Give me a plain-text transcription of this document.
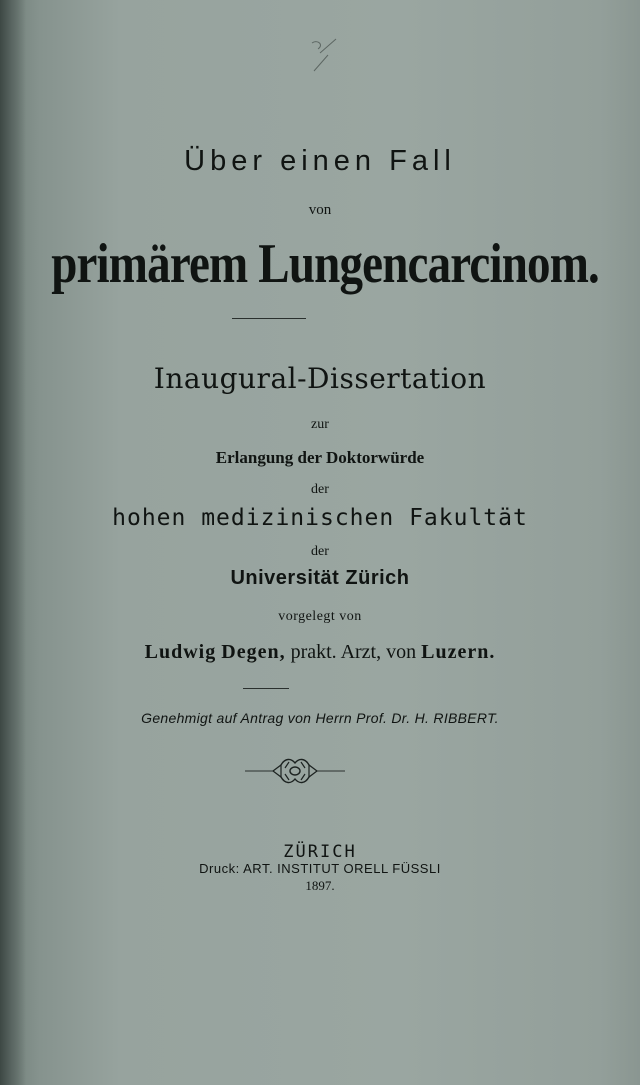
Über einen Fall
von
primärem Lungencarcinom.
Inaugural-Dissertation
zur
Erlangung der Doktorwürde
der
hohen medizinischen Fakultät
der
Universität Zürich
vorgelegt von
Ludwig Degen, prakt. Arzt, von Luzern.
Genehmigt auf Antrag von Herrn Prof. Dr. H. RIBBERT.
ZÜRICH
Druck: ART. INSTITUT ORELL FÜSSLI
1897.
